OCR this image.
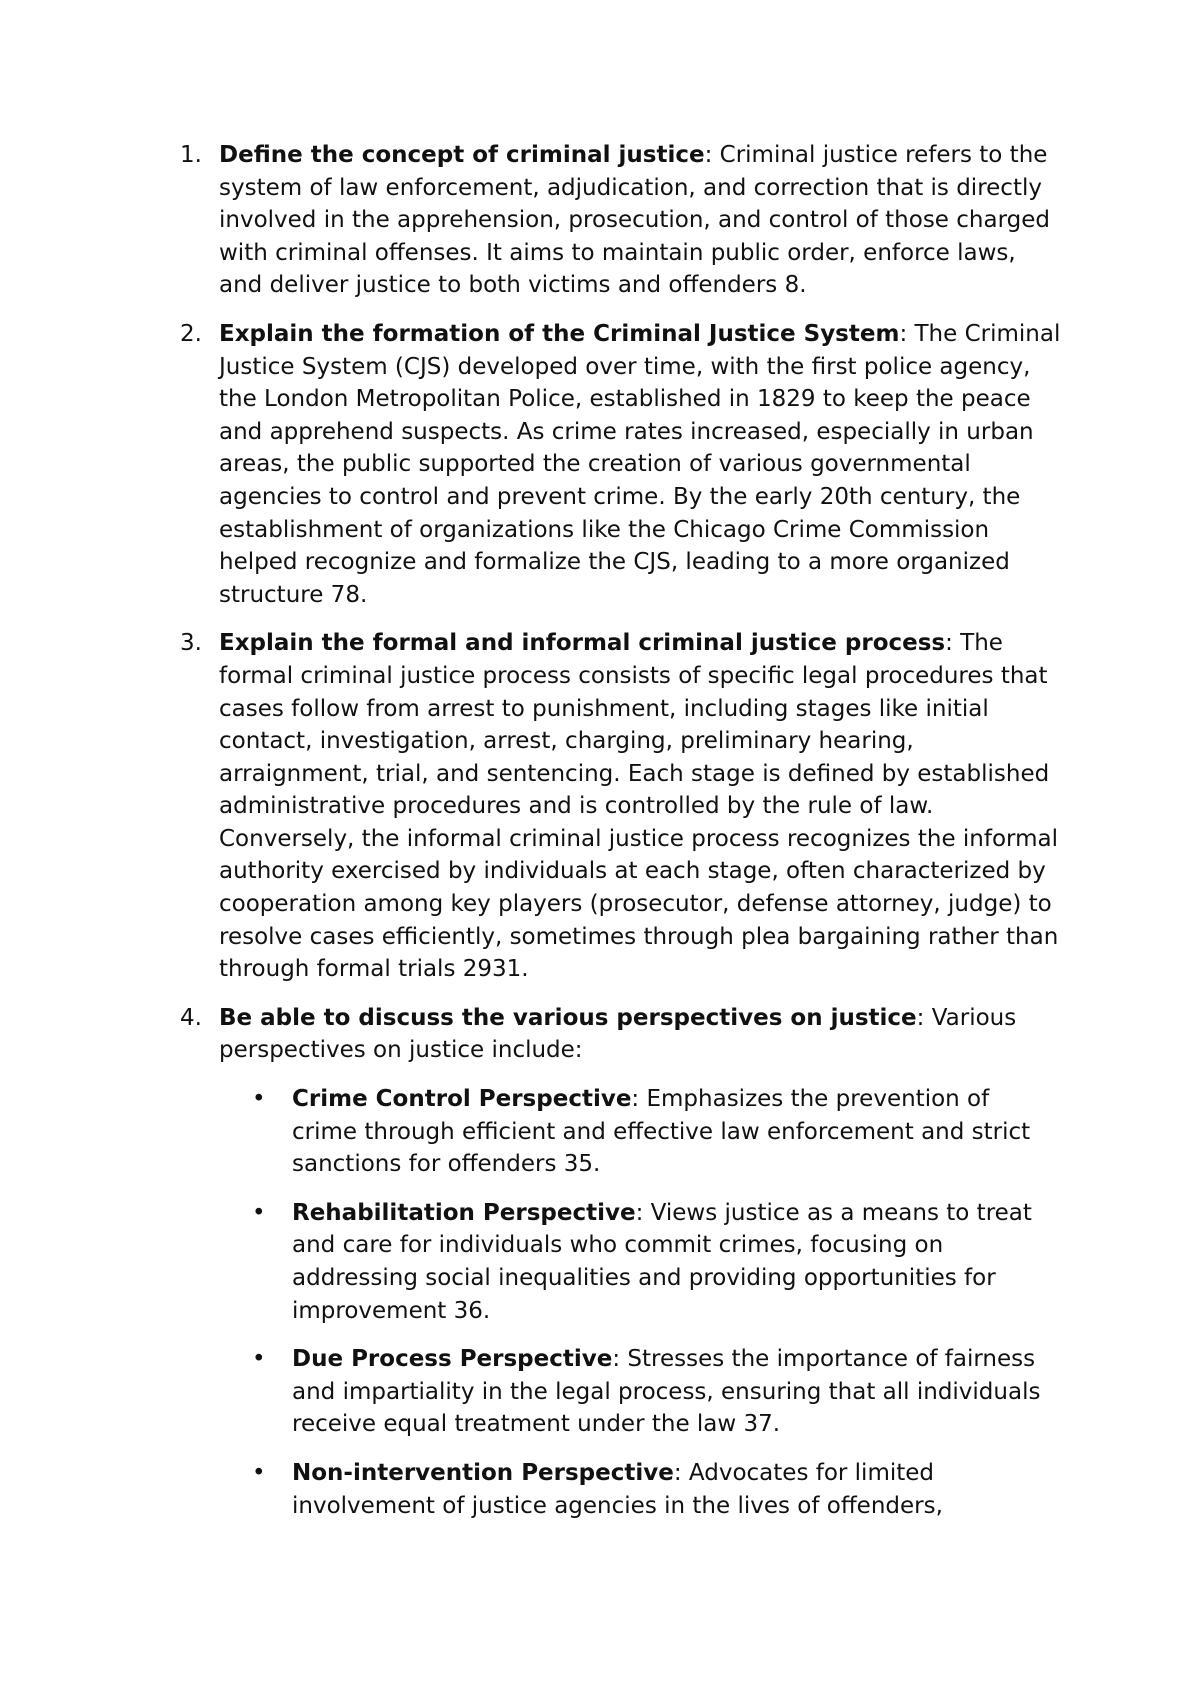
1. Define the concept of criminal justice: Criminal justice refers to the system of law enforcement, adjudication, and correction that is directly involved in the apprehension, prosecution, and control of those charged with criminal offenses. It aims to maintain public order, enforce laws, and deliver justice to both victims and offenders 8.
2. Explain the formation of the Criminal Justice System: The Criminal Justice System (CJS) developed over time, with the first police agency, the London Metropolitan Police, established in 1829 to keep the peace and apprehend suspects. As crime rates increased, especially in urban areas, the public supported the creation of various governmental agencies to control and prevent crime. By the early 20th century, the establishment of organizations like the Chicago Crime Commission helped recognize and formalize the CJS, leading to a more organized structure 78.
3. Explain the formal and informal criminal justice process: The formal criminal justice process consists of specific legal procedures that cases follow from arrest to punishment, including stages like initial contact, investigation, arrest, charging, preliminary hearing, arraignment, trial, and sentencing. Each stage is defined by established administrative procedures and is controlled by the rule of law. Conversely, the informal criminal justice process recognizes the informal authority exercised by individuals at each stage, often characterized by cooperation among key players (prosecutor, defense attorney, judge) to resolve cases efficiently, sometimes through plea bargaining rather than through formal trials 2931.
4. Be able to discuss the various perspectives on justice: Various perspectives on justice include:
• Crime Control Perspective: Emphasizes the prevention of crime through efficient and effective law enforcement and strict sanctions for offenders 35.
• Rehabilitation Perspective: Views justice as a means to treat and care for individuals who commit crimes, focusing on addressing social inequalities and providing opportunities for improvement 36.
• Due Process Perspective: Stresses the importance of fairness and impartiality in the legal process, ensuring that all individuals receive equal treatment under the law 37.
• Non-intervention Perspective: Advocates for limited involvement of justice agencies in the lives of offenders,
